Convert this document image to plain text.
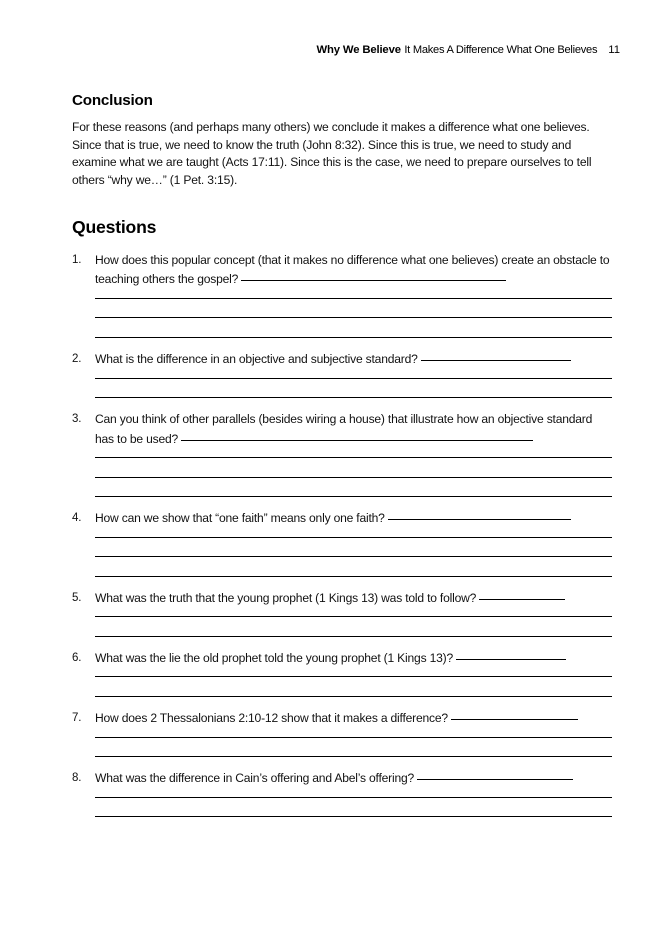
Why We Believe It Makes A Difference What One Believes 11
Conclusion

For these reasons (and perhaps many others) we conclude it makes a difference what one believes. Since that is true, we need to know the truth (John 8:32). Since this is true, we need to study and examine what we are taught (Acts 17:11). Since this is the case, we need to prepare ourselves to tell others “why we…” (1 Pet. 3:15).

Questions
1.	How does this popular concept (that it makes no difference what one believes) create an obstacle to teaching others the gospel?
2.	What is the difference in an objective and subjective standard?
3.	Can you think of other parallels (besides wiring a house) that illustrate how an objective standard has to be used?
4.	How can we show that “one faith” means only one faith?
5.	What was the truth that the young prophet (1 Kings 13) was told to follow?
6.	What was the lie the old prophet told the young prophet (1 Kings 13)?
7.	How does 2 Thessalonians 2:10-12 show that it makes a difference?
8.	What was the difference in Cain’s offering and Abel’s offering?
